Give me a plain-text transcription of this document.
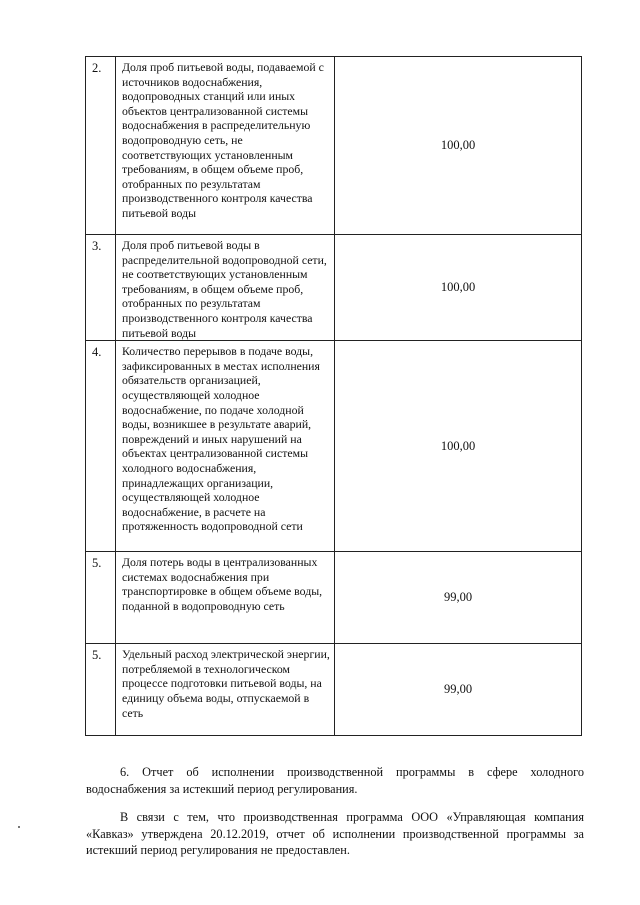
2.	Доля проб питьевой воды, подаваемой с источников водоснабжения, водопроводных станций или иных объектов централизованной системы водоснабжения в распределительную водопроводную сеть, не соответствующих установленным требованиям, в общем объеме проб, отобранных по результатам производственного контроля качества питьевой воды	100,00
3.	Доля проб питьевой воды в распределительной водопроводной сети, не соответствующих установленным требованиям, в общем объеме проб, отобранных по результатам производственного контроля качества питьевой воды	100,00
4.	Количество перерывов в подаче воды, зафиксированных в местах исполнения обязательств организацией, осуществляющей холодное водоснабжение, по подаче холодной воды, возникшее в результате аварий, повреждений и иных нарушений на объектах централизованной системы холодного водоснабжения, принадлежащих организации, осуществляющей холодное водоснабжение, в расчете на протяженность водопроводной сети	100,00
5.	Доля потерь воды в централизованных системах водоснабжения при транспортировке в общем объеме воды, поданной в водопроводную сеть	99,00
5.	Удельный расход электрической энергии, потребляемой в технологическом процессе подготовки питьевой воды, на единицу объема воды, отпускаемой в сеть	99,00

6. Отчет об исполнении производственной программы в сфере холодного водоснабжения за истекший период регулирования.

В связи с тем, что производственная программа ООО «Управляющая компания «Кавказ» утверждена 20.12.2019, отчет об исполнении производственной программы за истекший период регулирования не предоставлен.
